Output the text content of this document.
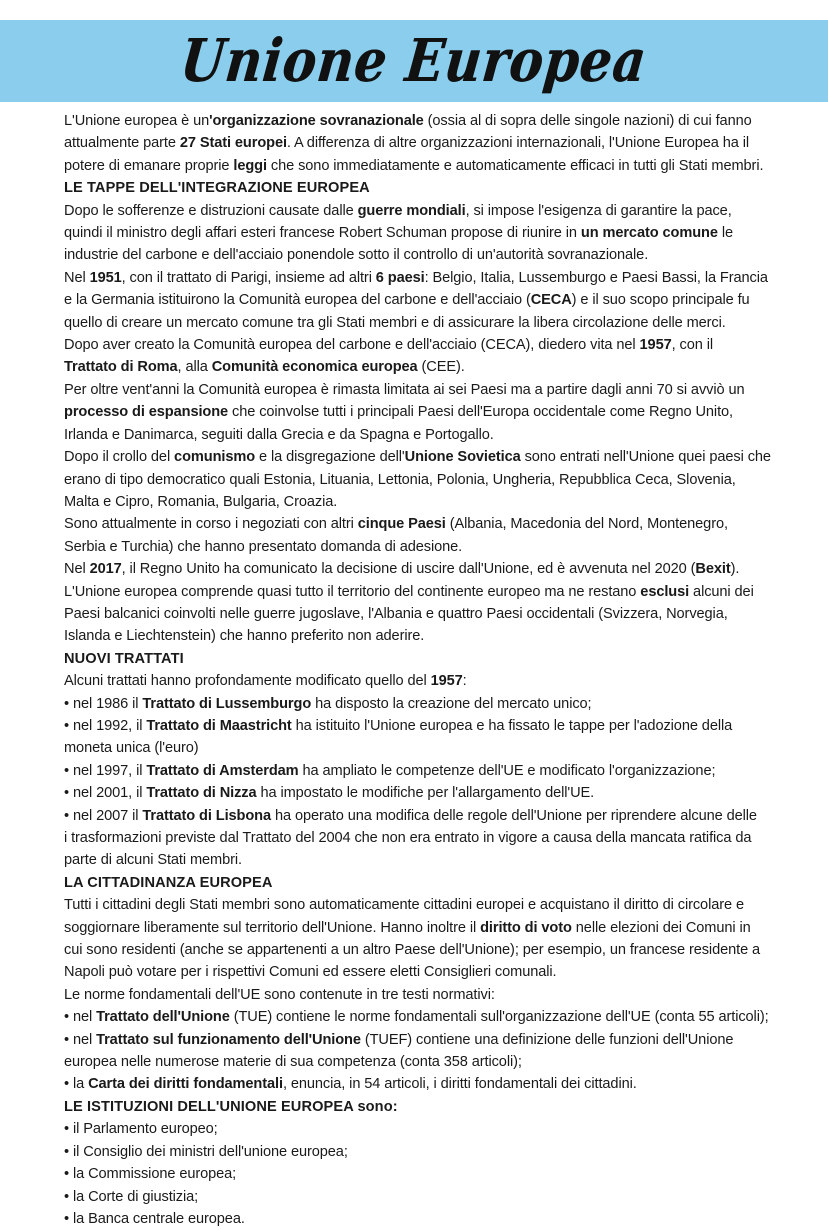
Unione Europea
L'Unione europea è un'organizzazione sovranazionale (ossia al di sopra delle singole nazioni) di cui fanno
attualmente parte 27 Stati europei. A differenza di altre organizzazioni internazionali, l'Unione Europea ha il
potere di emanare proprie leggi che sono immediatamente e automaticamente efficaci in tutti gli Stati membri.
LE TAPPE DELL'INTEGRAZIONE EUROPEA
Dopo le sofferenze e distruzioni causate dalle guerre mondiali, si impose l'esigenza di garantire la pace,
quindi il ministro degli affari esteri francese Robert Schuman propose di riunire in un mercato comune le
industrie del carbone e dell'acciaio ponendole sotto il controllo di un'autorità sovranazionale.
Nel 1951, con il trattato di Parigi, insieme ad altri 6 paesi: Belgio, Italia, Lussemburgo e Paesi Bassi, la Francia
e la Germania istituirono la Comunità europea del carbone e dell'acciaio (CECA) e il suo scopo principale fu
quello di creare un mercato comune tra gli Stati membri e di assicurare la libera circolazione delle merci.
Dopo aver creato la Comunità europea del carbone e dell'acciaio (CECA), diedero vita nel 1957, con il
Trattato di Roma, alla Comunità economica europea (CEE).
Per oltre vent'anni la Comunità europea è rimasta limitata ai sei Paesi ma a partire dagli anni 70 si avviò un
processo di espansione che coinvolse tutti i principali Paesi dell'Europa occidentale come Regno Unito,
Irlanda e Danimarca, seguiti dalla Grecia e da Spagna e Portogallo.
Dopo il crollo del comunismo e la disgregazione dell'Unione Sovietica sono entrati nell'Unione quei paesi che
erano di tipo democratico quali Estonia, Lituania, Lettonia, Polonia, Ungheria, Repubblica Ceca, Slovenia,
Malta e Cipro, Romania, Bulgaria, Croazia.
Sono attualmente in corso i negoziati con altri cinque Paesi (Albania, Macedonia del Nord, Montenegro,
Serbia e Turchia) che hanno presentato domanda di adesione.
Nel 2017, il Regno Unito ha comunicato la decisione di uscire dall'Unione, ed è avvenuta nel 2020 (Bexit).
L'Unione europea comprende quasi tutto il territorio del continente europeo ma ne restano esclusi alcuni dei
Paesi balcanici coinvolti nelle guerre jugoslave, l'Albania e quattro Paesi occidentali (Svizzera, Norvegia,
Islanda e Liechtenstein) che hanno preferito non aderire.
NUOVI TRATTATI
Alcuni trattati hanno profondamente modificato quello del 1957:
• nel 1986 il Trattato di Lussemburgo ha disposto la creazione del mercato unico;
• nel 1992, il Trattato di Maastricht ha istituito l'Unione europea e ha fissato le tappe per l'adozione della
moneta unica (l'euro)
• nel 1997, il Trattato di Amsterdam ha ampliato le competenze dell'UE e modificato l'organizzazione;
• nel 2001, il Trattato di Nizza ha impostato le modifiche per l'allargamento dell'UE.
• nel 2007 il Trattato di Lisbona ha operato una modifica delle regole dell'Unione per riprendere alcune delle
i trasformazioni previste dal Trattato del 2004 che non era entrato in vigore a causa della mancata ratifica da
parte di alcuni Stati membri.
LA CITTADINANZA EUROPEA
Tutti i cittadini degli Stati membri sono automaticamente cittadini europei e acquistano il diritto di circolare e
soggiornare liberamente sul territorio dell'Unione. Hanno inoltre il diritto di voto nelle elezioni dei Comuni in
cui sono residenti (anche se appartenenti a un altro Paese dell'Unione); per esempio, un francese residente a
Napoli può votare per i rispettivi Comuni ed essere eletti Consiglieri comunali.
Le norme fondamentali dell'UE sono contenute in tre testi normativi:
• nel Trattato dell'Unione (TUE) contiene le norme fondamentali sull'organizzazione dell'UE (conta 55 articoli);
• nel Trattato sul funzionamento dell'Unione (TUEF) contiene una definizione delle funzioni dell'Unione
europea nelle numerose materie di sua competenza (conta 358 articoli);
• la Carta dei diritti fondamentali, enuncia, in 54 articoli, i diritti fondamentali dei cittadini.
LE ISTITUZIONI DELL'UNIONE EUROPEA sono:
• il Parlamento europeo;
• il Consiglio dei ministri dell'unione europea;
• la Commissione europea;
• la Corte di giustizia;
• la Banca centrale europea.
